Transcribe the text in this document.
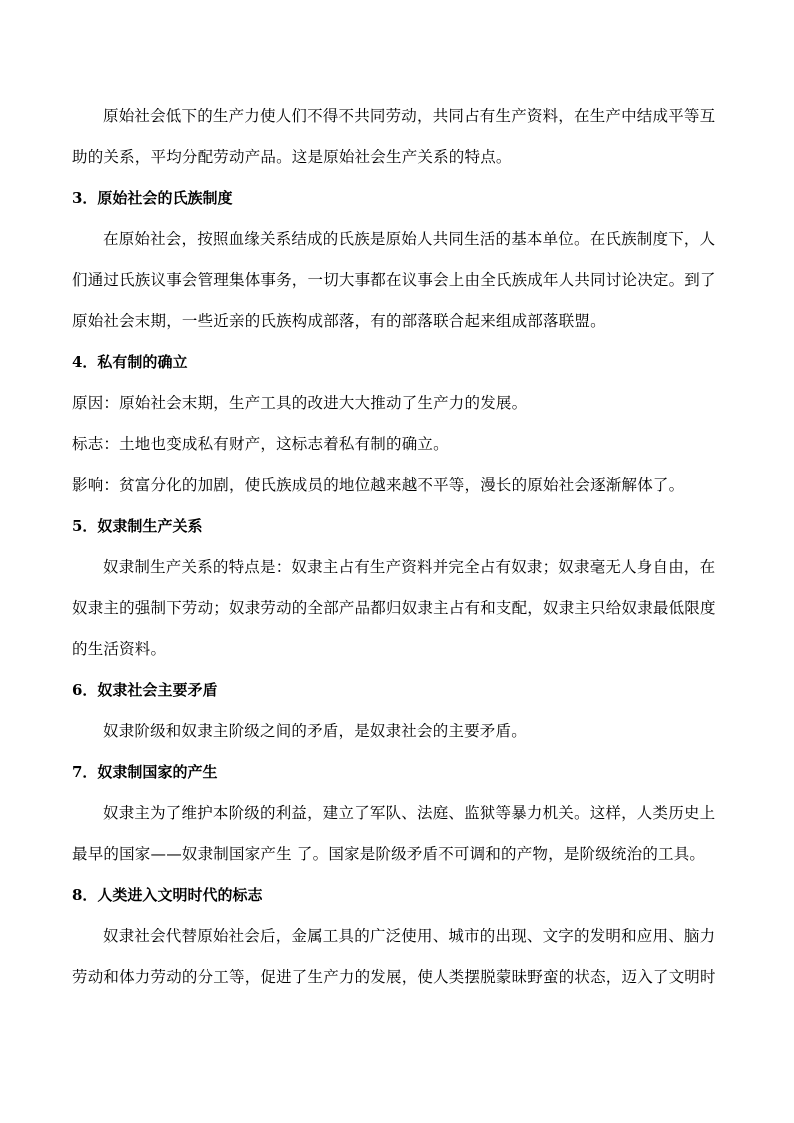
原始社会低下的生产力使人们不得不共同劳动，共同占有生产资料，在生产中结成平等互助的关系，平均分配劳动产品。这是原始社会生产关系的特点。

3．原始社会的氏族制度

在原始社会，按照血缘关系结成的氏族是原始人共同生活的基本单位。在氏族制度下，人们通过氏族议事会管理集体事务，一切大事都在议事会上由全氏族成年人共同讨论决定。到了原始社会末期，一些近亲的氏族构成部落，有的部落联合起来组成部落联盟。

4．私有制的确立

原因：原始社会末期，生产工具的改进大大推动了生产力的发展。

标志：土地也变成私有财产，这标志着私有制的确立。

影响：贫富分化的加剧，使氏族成员的地位越来越不平等，漫长的原始社会逐渐解体了。

5．奴隶制生产关系

奴隶制生产关系的特点是：奴隶主占有生产资料并完全占有奴隶；奴隶毫无人身自由，在奴隶主的强制下劳动；奴隶劳动的全部产品都归奴隶主占有和支配，奴隶主只给奴隶最低限度的生活资料。

6．奴隶社会主要矛盾

奴隶阶级和奴隶主阶级之间的矛盾，是奴隶社会的主要矛盾。

7．奴隶制国家的产生

奴隶主为了维护本阶级的利益，建立了军队、法庭、监狱等暴力机关。这样，人类历史上最早的国家——奴隶制国家产生 了。国家是阶级矛盾不可调和的产物，是阶级统治的工具。

8．人类进入文明时代的标志

奴隶社会代替原始社会后，金属工具的广泛使用、城市的出现、文字的发明和应用、脑力劳动和体力劳动的分工等，促进了生产力的发展，使人类摆脱蒙昧野蛮的状态，迈入了文明时
